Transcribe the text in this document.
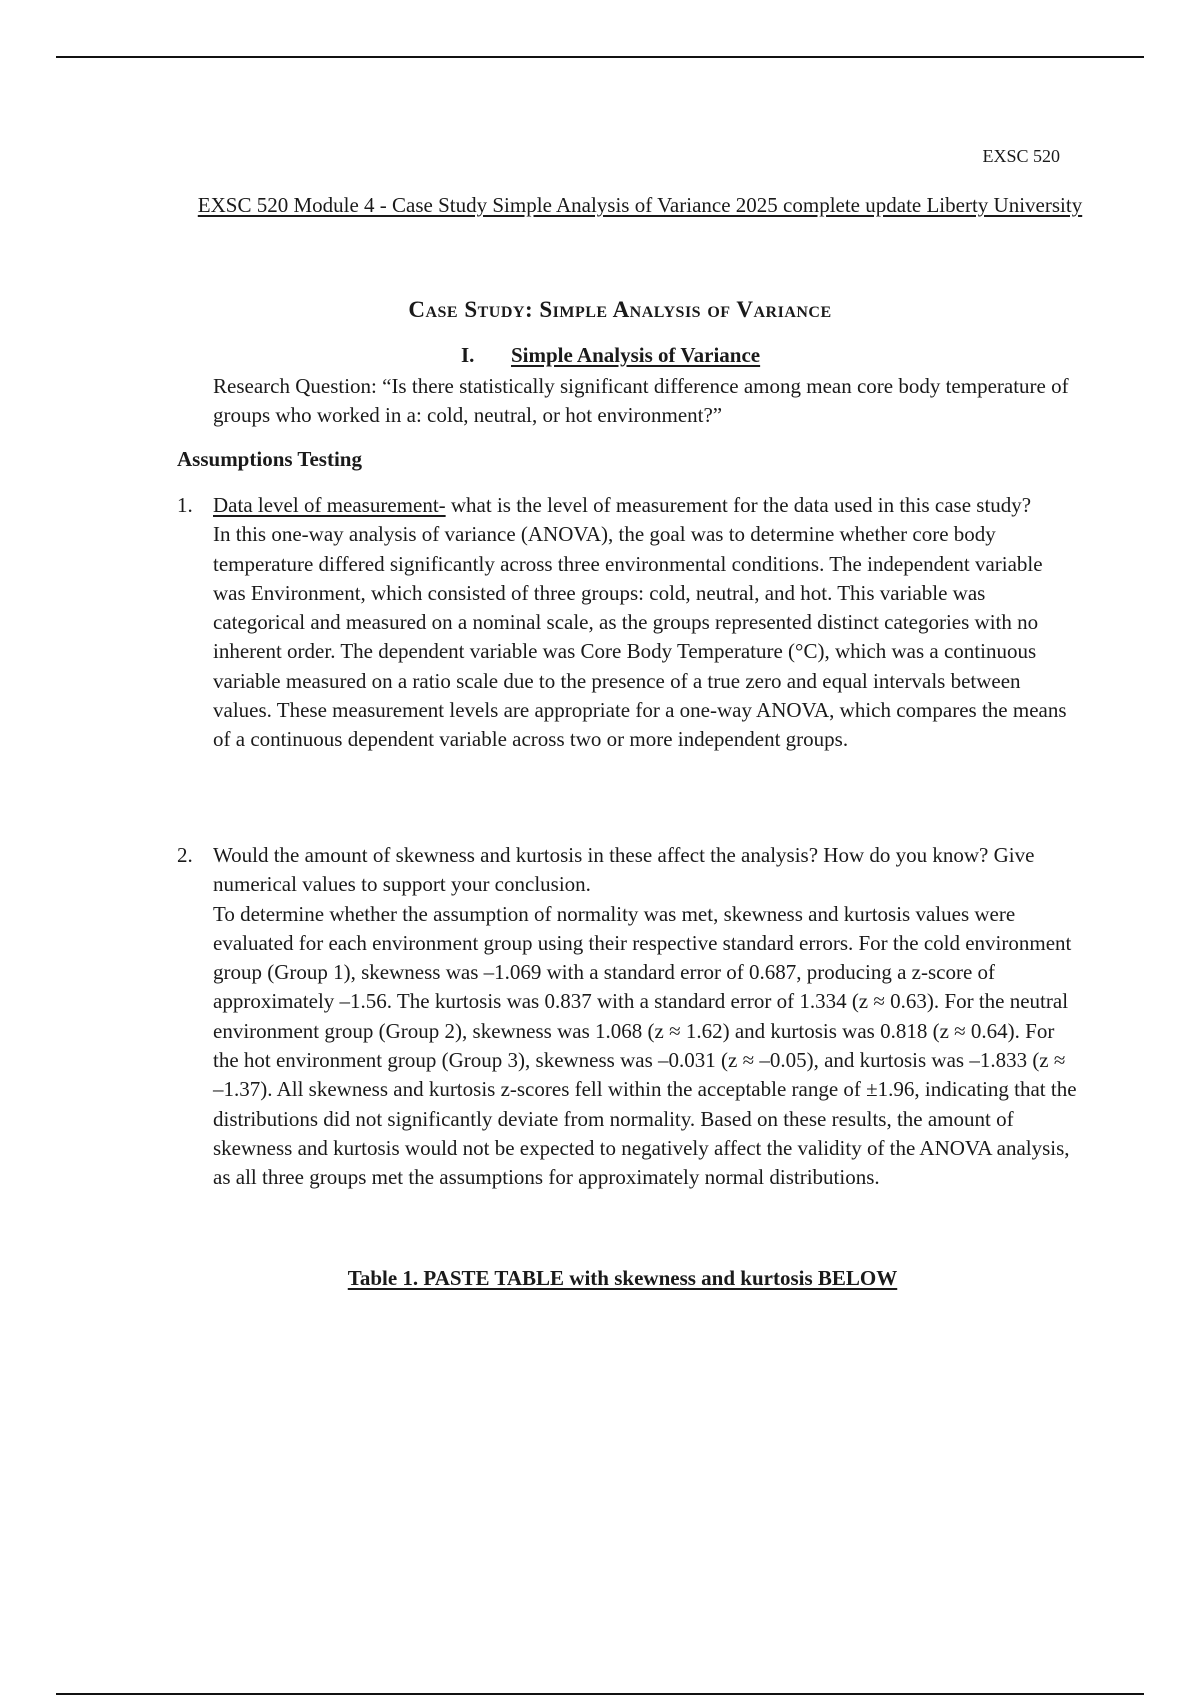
EXSC 520
EXSC 520 Module 4 - Case Study Simple Analysis of Variance 2025 complete update Liberty University
Case Study: Simple Analysis of Variance
I. Simple Analysis of Variance
Research Question: “Is there statistically significant difference among mean core body temperature of groups who worked in a: cold, neutral, or hot environment?”
Assumptions Testing
1. Data level of measurement- what is the level of measurement for the data used in this case study?
In this one-way analysis of variance (ANOVA), the goal was to determine whether core body temperature differed significantly across three environmental conditions. The independent variable was Environment, which consisted of three groups: cold, neutral, and hot. This variable was categorical and measured on a nominal scale, as the groups represented distinct categories with no inherent order. The dependent variable was Core Body Temperature (°C), which was a continuous variable measured on a ratio scale due to the presence of a true zero and equal intervals between values. These measurement levels are appropriate for a one-way ANOVA, which compares the means of a continuous dependent variable across two or more independent groups.
2. Would the amount of skewness and kurtosis in these affect the analysis? How do you know? Give numerical values to support your conclusion.
To determine whether the assumption of normality was met, skewness and kurtosis values were evaluated for each environment group using their respective standard errors. For the cold environment group (Group 1), skewness was –1.069 with a standard error of 0.687, producing a z-score of approximately –1.56. The kurtosis was 0.837 with a standard error of 1.334 (z ≈ 0.63). For the neutral environment group (Group 2), skewness was 1.068 (z ≈ 1.62) and kurtosis was 0.818 (z ≈ 0.64). For the hot environment group (Group 3), skewness was –0.031 (z ≈ –0.05), and kurtosis was –1.833 (z ≈ –1.37). All skewness and kurtosis z-scores fell within the acceptable range of ±1.96, indicating that the distributions did not significantly deviate from normality. Based on these results, the amount of skewness and kurtosis would not be expected to negatively affect the validity of the ANOVA analysis, as all three groups met the assumptions for approximately normal distributions.
Table 1. PASTE TABLE with skewness and kurtosis BELOW
